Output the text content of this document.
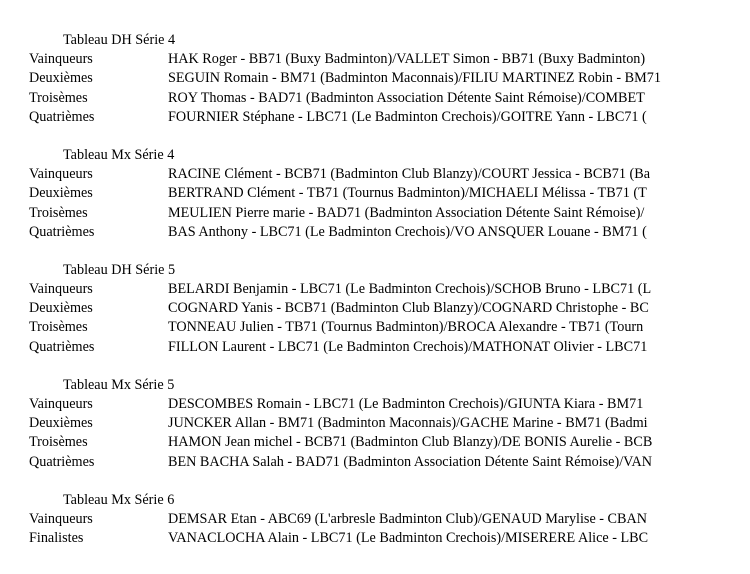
Tableau DH Série 4
Vainqueurs	HAK Roger - BB71 (Buxy Badminton)/VALLET Simon - BB71 (Buxy Badminton)
Deuxièmes	SEGUIN Romain - BM71 (Badminton Maconnais)/FILIU MARTINEZ Robin - BM71
Troisèmes	ROY Thomas - BAD71 (Badminton Association Détente Saint Rémoise)/COMBET
Quatrièmes	FOURNIER Stéphane - LBC71 (Le Badminton Crechois)/GOITRE Yann - LBC71 (
Tableau Mx Série 4
Vainqueurs	RACINE Clément - BCB71 (Badminton Club Blanzy)/COURT Jessica - BCB71 (Ba
Deuxièmes	BERTRAND Clément - TB71 (Tournus Badminton)/MICHAELI Mélissa - TB71 (T
Troisèmes	MEULIEN Pierre marie - BAD71 (Badminton Association Détente Saint Rémoise)/
Quatrièmes	BAS Anthony - LBC71 (Le Badminton Crechois)/VO ANSQUER Louane - BM71 (
Tableau DH Série 5
Vainqueurs	BELARDI Benjamin - LBC71 (Le Badminton Crechois)/SCHOB Bruno - LBC71 (L
Deuxièmes	COGNARD Yanis - BCB71 (Badminton Club Blanzy)/COGNARD Christophe - BC
Troisèmes	TONNEAU Julien - TB71 (Tournus Badminton)/BROCA Alexandre - TB71 (Tourn
Quatrièmes	FILLON Laurent - LBC71 (Le Badminton Crechois)/MATHONAT Olivier - LBC71
Tableau Mx Série 5
Vainqueurs	DESCOMBES Romain - LBC71 (Le Badminton Crechois)/GIUNTA Kiara - BM71
Deuxièmes	JUNCKER Allan - BM71 (Badminton Maconnais)/GACHE Marine - BM71 (Badmi
Troisèmes	HAMON Jean michel - BCB71 (Badminton Club Blanzy)/DE BONIS Aurelie - BCB
Quatrièmes	BEN BACHA Salah - BAD71 (Badminton Association Détente Saint Rémoise)/VAN
Tableau Mx Série 6
Vainqueurs	DEMSAR Etan - ABC69 (L'arbresle Badminton Club)/GENAUD Marylise - CBAN
Finalistes	VANACLOCHA Alain - LBC71 (Le Badminton Crechois)/MISERERE Alice - LBC
